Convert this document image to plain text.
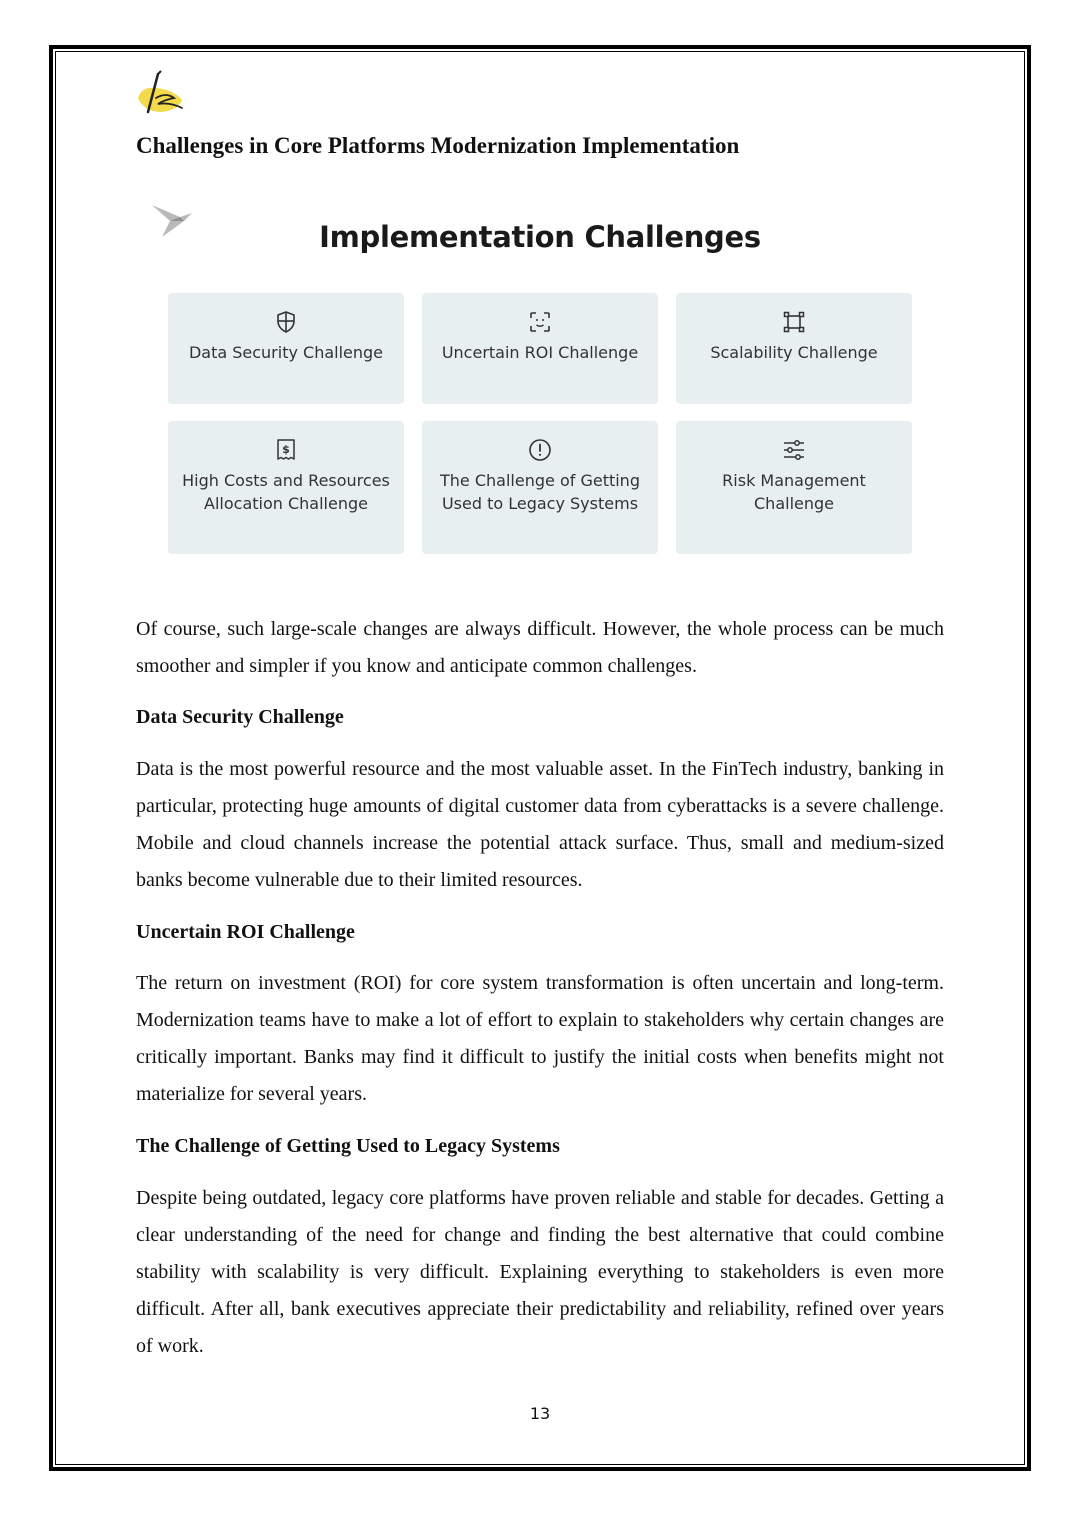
Challenges in Core Platforms Modernization Implementation
Implementation Challenges
Data Security Challenge	Uncertain ROI Challenge	Scalability Challenge
$
High Costs and Resources Allocation Challenge
The Challenge of Getting Used to Legacy Systems
Risk Management Challenge

Of course, such large-scale changes are always difficult. However, the whole process can be much smoother and simpler if you know and anticipate common challenges.

Data Security Challenge

Data is the most powerful resource and the most valuable asset. In the FinTech industry, banking in particular, protecting huge amounts of digital customer data from cyberattacks is a severe challenge. Mobile and cloud channels increase the potential attack surface. Thus, small and medium-sized banks become vulnerable due to their limited resources.

Uncertain ROI Challenge

The return on investment (ROI) for core system transformation is often uncertain and long-term. Modernization teams have to make a lot of effort to explain to stakeholders why certain changes are critically important. Banks may find it difficult to justify the initial costs when benefits might not materialize for several years.

The Challenge of Getting Used to Legacy Systems

Despite being outdated, legacy core platforms have proven reliable and stable for decades. Getting a clear understanding of the need for change and finding the best alternative that could combine stability with scalability is very difficult. Explaining everything to stakeholders is even more difficult. After all, bank executives appreciate their predictability and reliability, refined over years of work.

13
